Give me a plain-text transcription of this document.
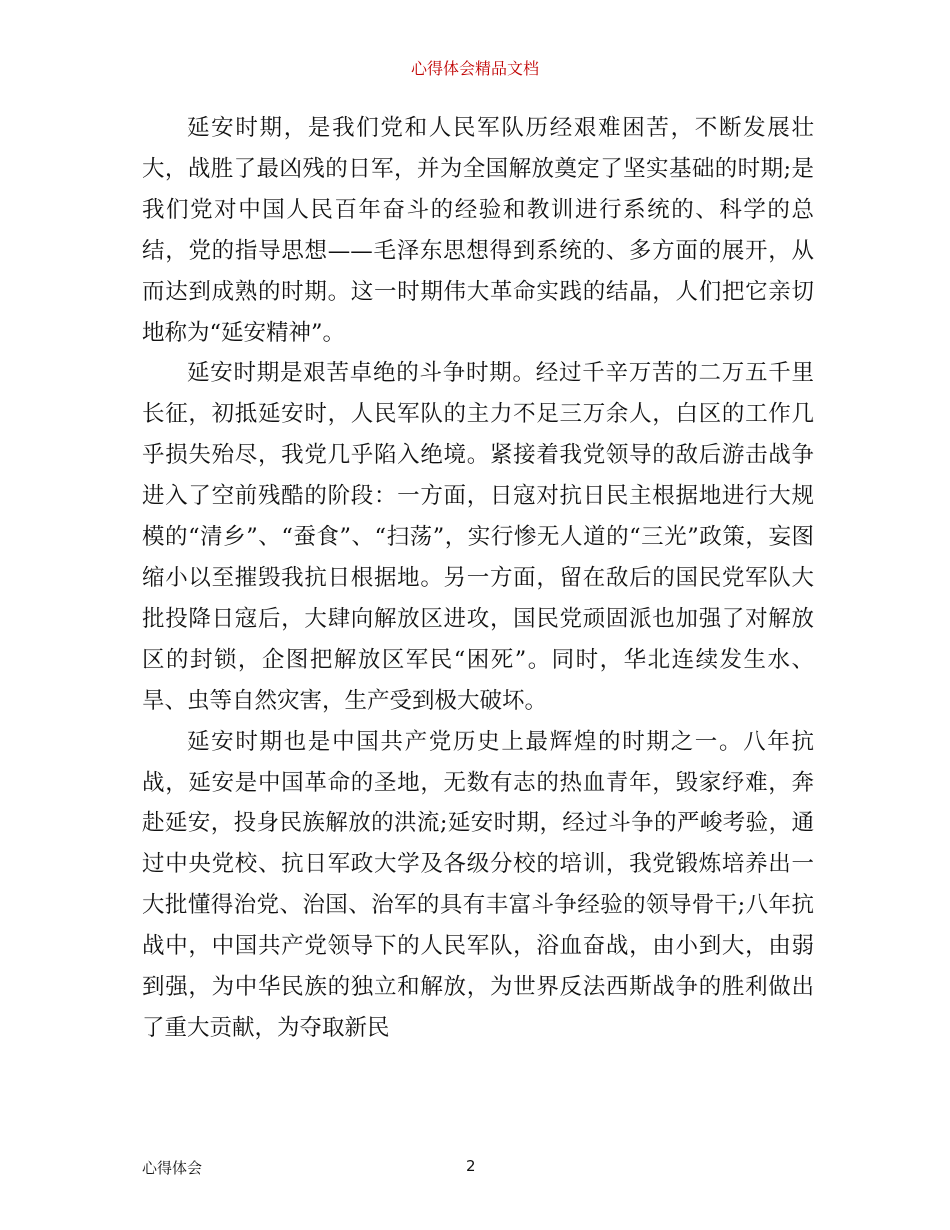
心得体会精品文档

延安时期，是我们党和人民军队历经艰难困苦，不断发展壮大，战胜了最凶残的日军，并为全国解放奠定了坚实基础的时期;是我们党对中国人民百年奋斗的经验和教训进行系统的、科学的总结，党的指导思想——毛泽东思想得到系统的、多方面的展开，从而达到成熟的时期。这一时期伟大革命实践的结晶，人们把它亲切地称为“延安精神”。

延安时期是艰苦卓绝的斗争时期。经过千辛万苦的二万五千里长征，初抵延安时，人民军队的主力不足三万余人，白区的工作几乎损失殆尽，我党几乎陷入绝境。紧接着我党领导的敌后游击战争进入了空前残酷的阶段：一方面，日寇对抗日民主根据地进行大规模的“清乡”、“蚕食”、“扫荡”，实行惨无人道的“三光”政策，妄图缩小以至摧毁我抗日根据地。另一方面，留在敌后的国民党军队大批投降日寇后，大肆向解放区进攻，国民党顽固派也加强了对解放区的封锁，企图把解放区军民“困死”。同时，华北连续发生水、旱、虫等自然灾害，生产受到极大破坏。

延安时期也是中国共产党历史上最辉煌的时期之一。八年抗战，延安是中国革命的圣地，无数有志的热血青年，毁家纾难，奔赴延安，投身民族解放的洪流;延安时期，经过斗争的严峻考验，通过中央党校、抗日军政大学及各级分校的培训，我党锻炼培养出一大批懂得治党、治国、治军的具有丰富斗争经验的领导骨干;八年抗战中，中国共产党领导下的人民军队，浴血奋战，由小到大，由弱到强，为中华民族的独立和解放，为世界反法西斯战争的胜利做出了重大贡献，为夺取新民

心得体会	2
